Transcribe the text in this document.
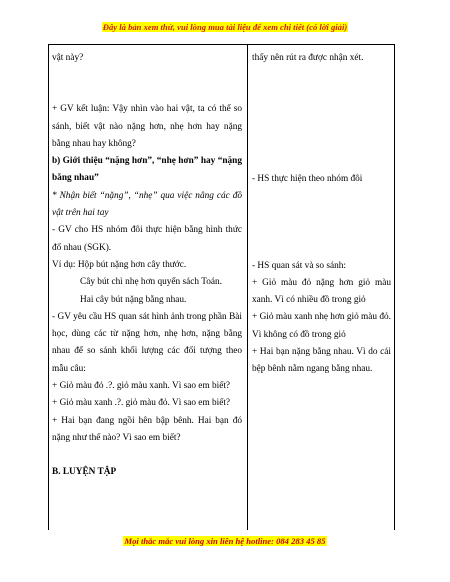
Đây là bản xem thử, vui lòng mua tài liệu để xem chi tiết (có lời giải)

vật này?

+ GV kết luận: Vậy nhìn vào hai vật, ta có thể so sánh, biết vật nào nặng hơn, nhẹ hơn hay nặng bằng nhau hay không?

b) Giới thiệu “nặng hơn”, “nhẹ hơn” hay “nặng bằng nhau”

* Nhận biết “nặng”, “nhẹ” qua việc nâng các đồ vật trên hai tay

- GV cho HS nhóm đôi thực hiện bằng hình thức đố nhau (SGK).

Ví dụ: Hộp bút nặng hơn cây thước.

Cây bút chì nhẹ hơn quyển sách Toán.

Hai cây bút nặng bằng nhau.

- GV yêu cầu HS quan sát hình ảnh trong phần Bài học, dùng các từ nặng hơn, nhẹ hơn, nặng bằng nhau để so sánh khối lượng các đối tượng theo mẫu câu:

+ Giỏ màu đỏ .?. giỏ màu xanh. Vì sao em biết?

+ Giỏ màu xanh .?. giỏ màu đỏ. Vì sao em biết?

+ Hai bạn đang ngồi hên bập bênh. Hai bạn đó nặng như thế nào? Vì sao em biết?

B. LUYỆN TẬP

thấy nên rút ra được nhận xét.

- HS thực hiện theo nhóm đôi

- HS quan sát và so sánh:

+ Giỏ màu đỏ nặng hơn giỏ màu xanh. Vì có nhiều đồ trong giỏ

+ Giỏ màu xanh nhẹ hơn giỏ màu đỏ. Vì không có đồ trong giỏ

+ Hai bạn nặng bằng nhau. Vì do cái bệp bênh nằm ngang bằng nhau.

Mọi thắc mắc vui lòng xin liên hệ hotline: 084 283 45 85
